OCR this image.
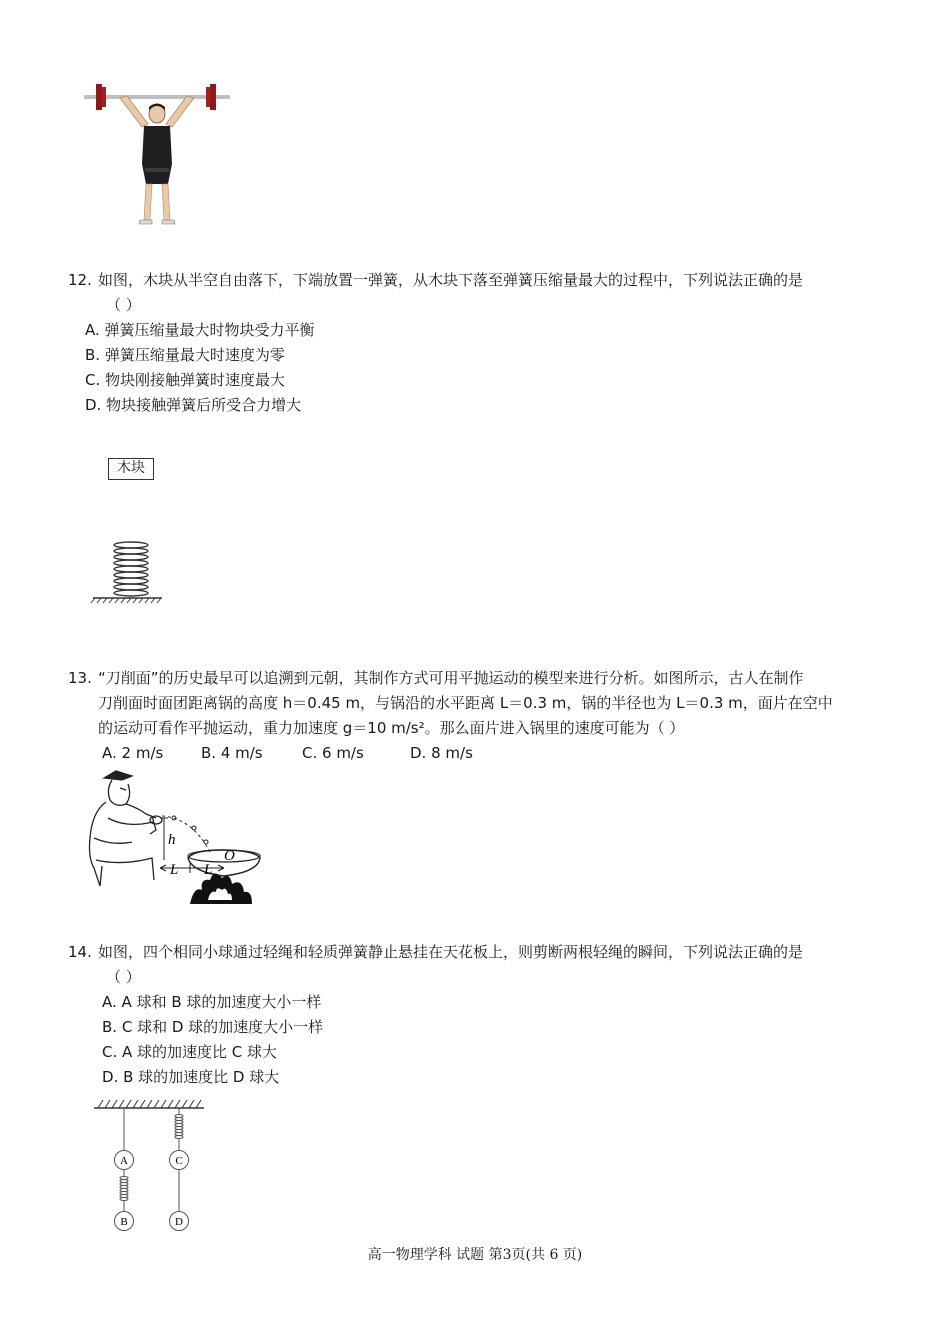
12. 如图，木块从半空自由落下，下端放置一弹簧，从木块下落至弹簧压缩量最大的过程中，下列说法正确的是
（ ）
A. 弹簧压缩量最大时物块受力平衡
B. 弹簧压缩量最大时速度为零
C. 物块刚接触弹簧时速度最大
D. 物块接触弹簧后所受合力增大
木块
13. “刀削面”的历史最早可以追溯到元朝，其制作方式可用平抛运动的模型来进行分析。如图所示，古人在制作
刀削面时面团距离锅的高度 h＝0.45 m，与锅沿的水平距离 L＝0.3 m，锅的半径也为 L＝0.3 m，面片在空中
的运动可看作平抛运动，重力加速度 g＝10 m/s²。那么面片进入锅里的速度可能为（ ）
A. 2 m/s	B. 4 m/s	C. 6 m/s	D. 8 m/s
h
O
L L
14. 如图，四个相同小球通过轻绳和轻质弹簧静止悬挂在天花板上，则剪断两根轻绳的瞬间，下列说法正确的是
（ ）
A. A 球和 B 球的加速度大小一样
B. C 球和 D 球的加速度大小一样
C. A 球的加速度比 C 球大
D. B 球的加速度比 D 球大
A
B
C
D
高一物理学科 试题 第3页(共 6 页)
